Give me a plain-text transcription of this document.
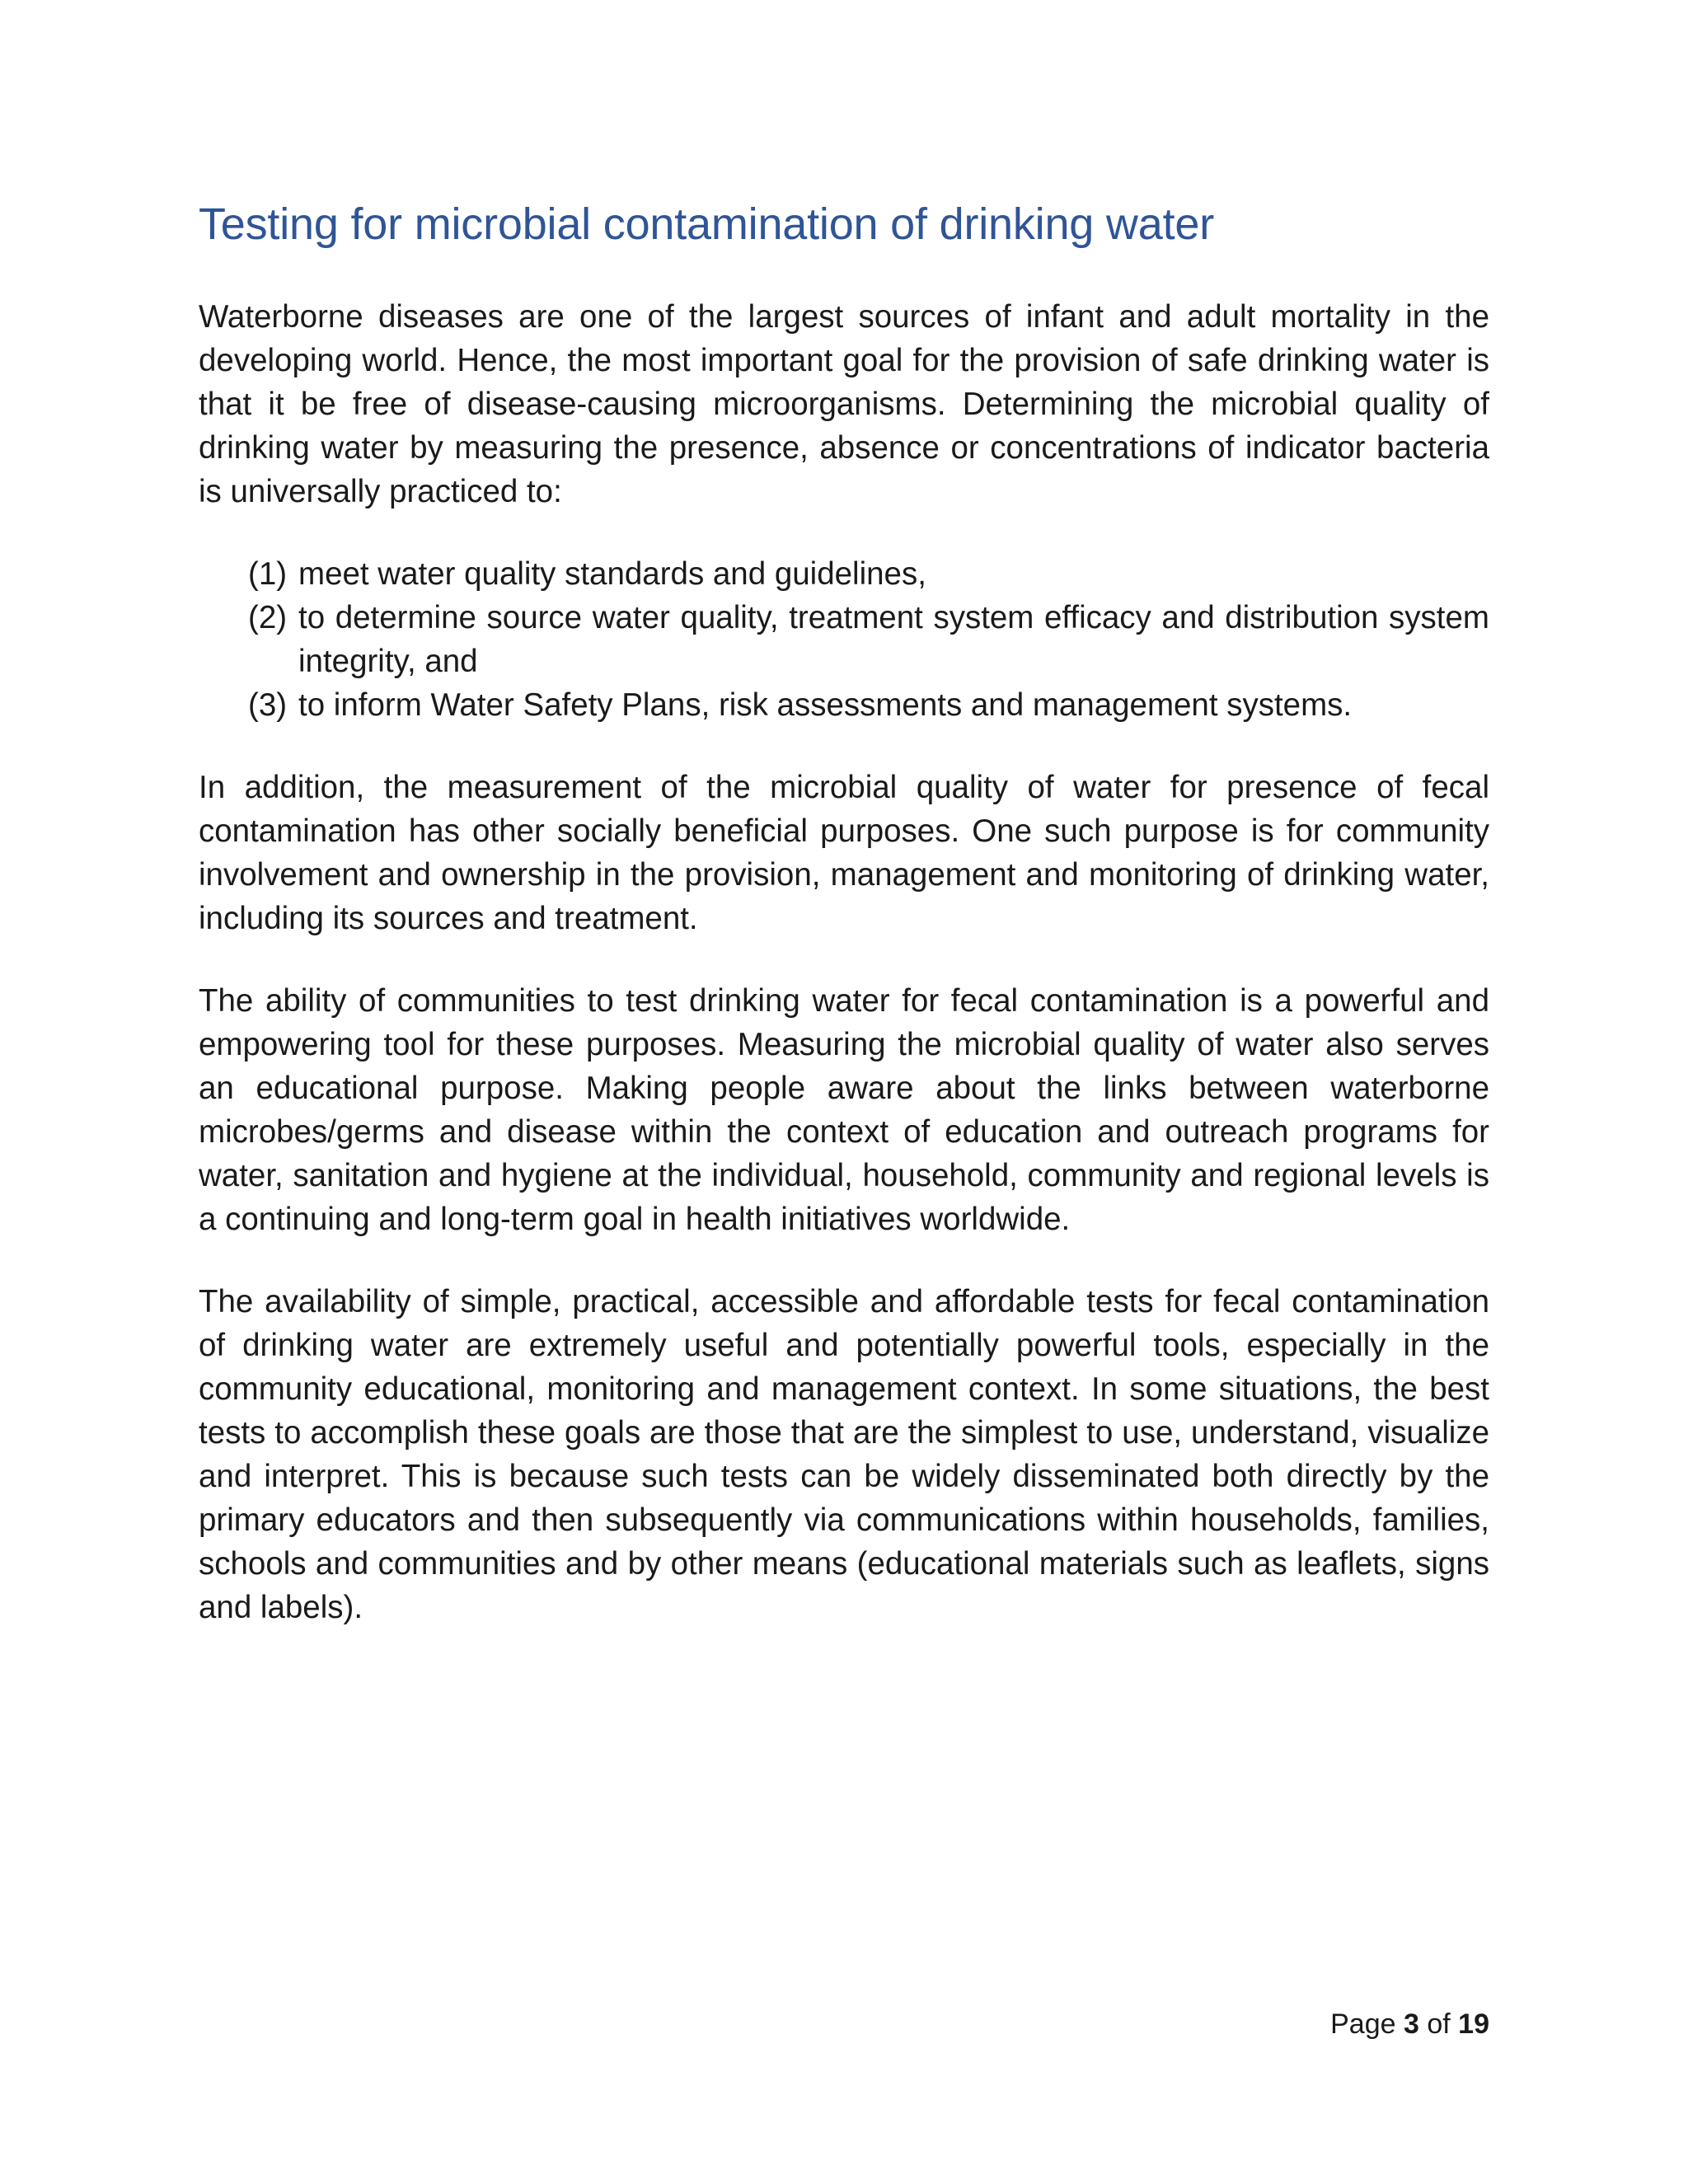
Testing for microbial contamination of drinking water

Waterborne diseases are one of the largest sources of infant and adult mortality in the developing world. Hence, the most important goal for the provision of safe drinking water is that it be free of disease-causing microorganisms. Determining the microbial quality of drinking water by measuring the presence, absence or concentrations of indicator bacteria is universally practiced to:

(1) meet water quality standards and guidelines,
(2) to determine source water quality, treatment system efficacy and distribution system integrity, and
(3) to inform Water Safety Plans, risk assessments and management systems.

In addition, the measurement of the microbial quality of water for presence of fecal contamination has other socially beneficial purposes. One such purpose is for community involvement and ownership in the provision, management and monitoring of drinking water, including its sources and treatment.

The ability of communities to test drinking water for fecal contamination is a powerful and empowering tool for these purposes. Measuring the microbial quality of water also serves an educational purpose. Making people aware about the links between waterborne microbes/germs and disease within the context of education and outreach programs for water, sanitation and hygiene at the individual, household, community and regional levels is a continuing and long-term goal in health initiatives worldwide.

The availability of simple, practical, accessible and affordable tests for fecal contamination of drinking water are extremely useful and potentially powerful tools, especially in the community educational, monitoring and management context. In some situations, the best tests to accomplish these goals are those that are the simplest to use, understand, visualize and interpret. This is because such tests can be widely disseminated both directly by the primary educators and then subsequently via communications within households, families, schools and communities and by other means (educational materials such as leaflets, signs and labels).

Page 3 of 19
